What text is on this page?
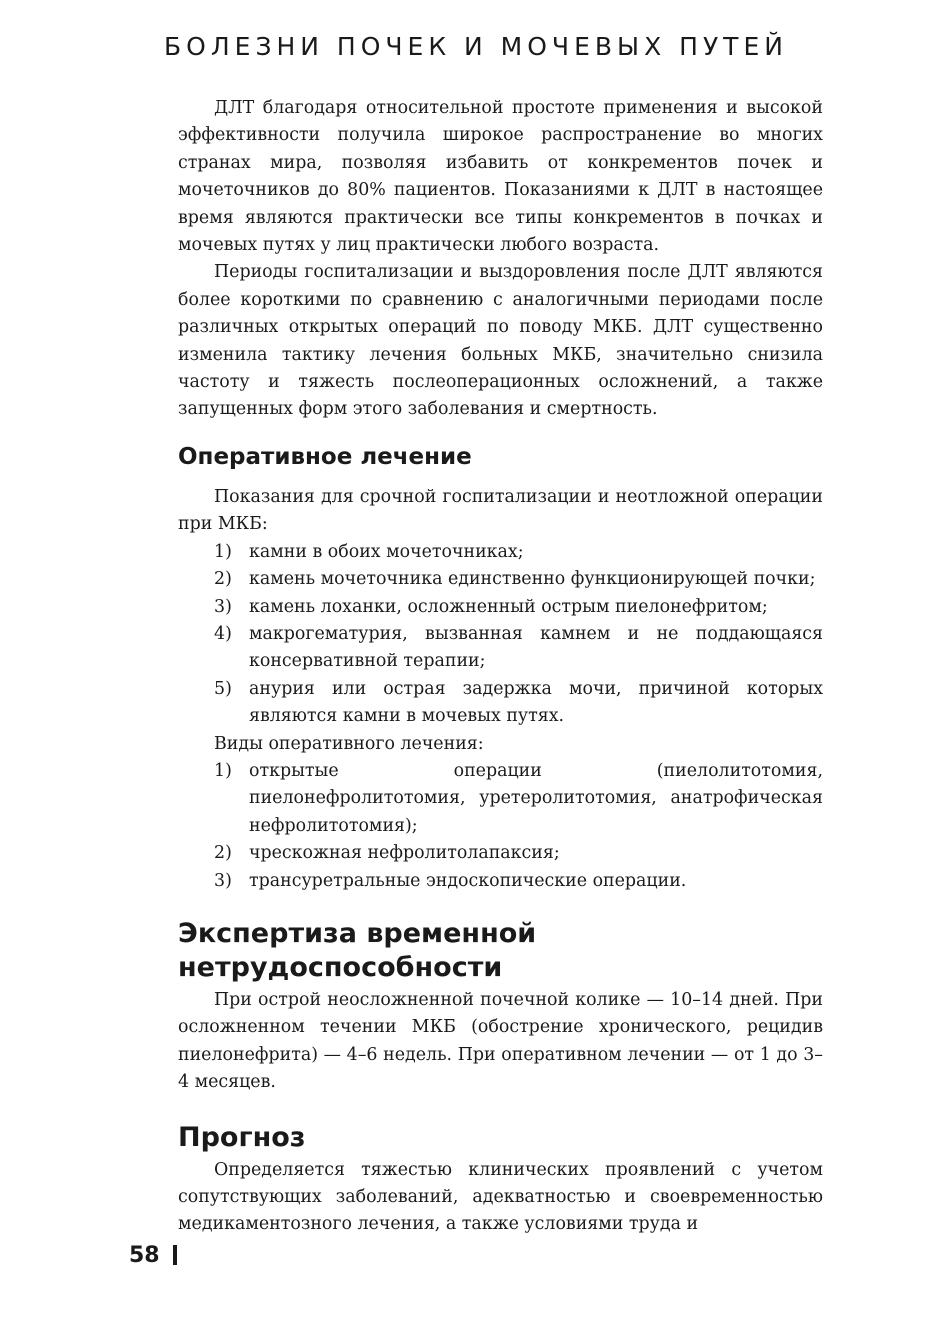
БОЛЕЗНИ ПОЧЕК И МОЧЕВЫХ ПУТЕЙ

ДЛТ благодаря относительной простоте применения и высокой эффективности получила широкое распространение во многих странах мира, позволяя избавить от конкрементов почек и мочеточников до 80% пациентов. Показаниями к ДЛТ в настоящее время являются практически все типы конкрементов в почках и мочевых путях у лиц практически любого возраста.

Периоды госпитализации и выздоровления после ДЛТ являются более короткими по сравнению с аналогичными периодами после различных открытых операций по поводу МКБ. ДЛТ существенно изменила тактику лечения больных МКБ, значительно снизила частоту и тяжесть послеоперационных осложнений, а также запущенных форм этого заболевания и смертность.

Оперативное лечение

Показания для срочной госпитализации и неотложной операции при МКБ:

1) камни в обоих мочеточниках;
2) камень мочеточника единственно функционирующей почки;
3) камень лоханки, осложненный острым пиелонефритом;
4) макрогематурия, вызванная камнем и не поддающаяся консервативной терапии;
5) анурия или острая задержка мочи, причиной которых являются камни в мочевых путях.
Виды оперативного лечения:
1) открытые операции (пиелолитотомия, пиелонефролитотомия, уретеролитотомия, анатрофическая нефролитотомия);
2) чрескожная нефролитолапаксия;
3) трансуретральные эндоскопические операции.
Экспертиза временной нетрудоспособности

При острой неосложненной почечной колике — 10–14 дней. При осложненном течении МКБ (обострение хронического, рецидив пиелонефрита) — 4–6 недель. При оперативном лечении — от 1 до 3–4 месяцев.

Прогноз

Определяется тяжестью клинических проявлений с учетом сопутствующих заболеваний, адекватностью и своевременностью медикаментозного лечения, а также условиями труда и

58
